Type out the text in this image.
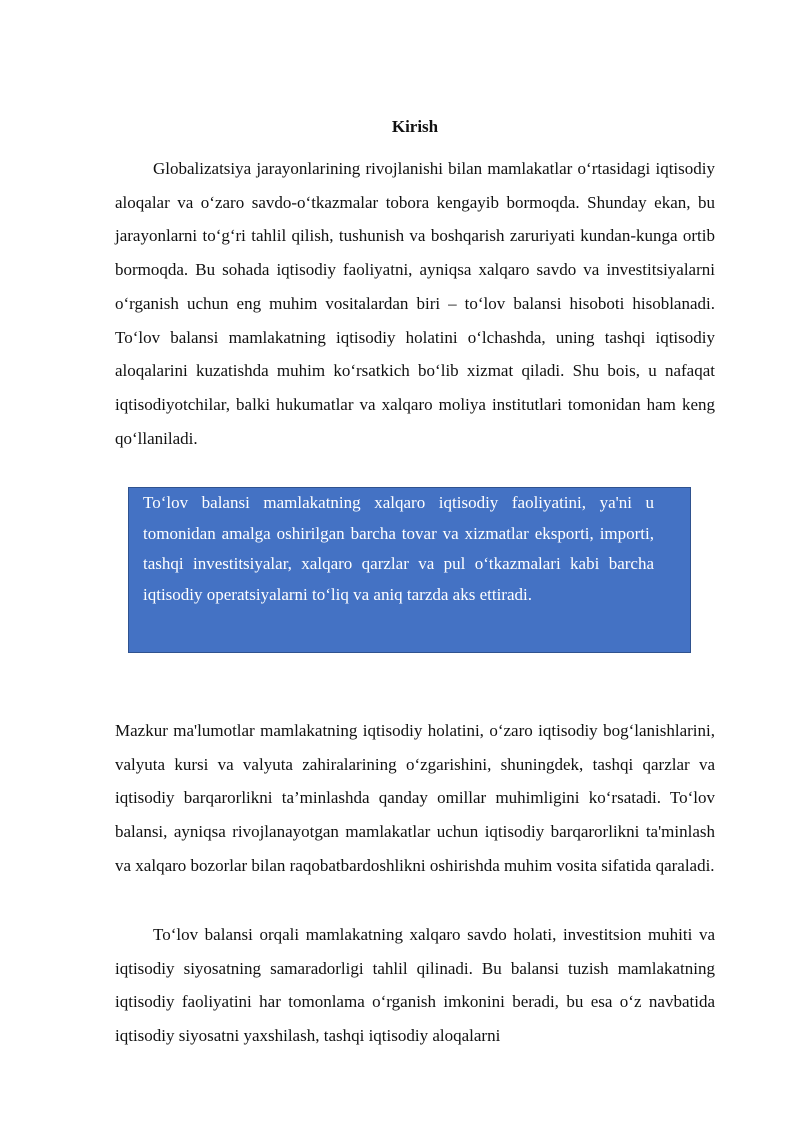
Kirish

Globalizatsiya jarayonlarining rivojlanishi bilan mamlakatlar o‘rtasidagi iqtisodiy aloqalar va o‘zaro savdo-o‘tkazmalar tobora kengayib bormoqda. Shunday ekan, bu jarayonlarni to‘g‘ri tahlil qilish, tushunish va boshqarish zaruriyati kundan-kunga ortib bormoqda. Bu sohada iqtisodiy faoliyatni, ayniqsa xalqaro savdo va investitsiyalarni o‘rganish uchun eng muhim vositalardan biri – to‘lov balansi hisoboti hisoblanadi. To‘lov balansi mamlakatning iqtisodiy holatini o‘lchashda, uning tashqi iqtisodiy aloqalarini kuzatishda muhim ko‘rsatkich bo‘lib xizmat qiladi. Shu bois, u nafaqat iqtisodiyotchilar, balki hukumatlar va xalqaro moliya institutlari tomonidan ham keng qo‘llaniladi.

To‘lov balansi mamlakatning xalqaro iqtisodiy faoliyatini, ya'ni u tomonidan amalga oshirilgan barcha tovar va xizmatlar eksporti, importi, tashqi investitsiyalar, xalqaro qarzlar va pul o‘tkazmalari kabi barcha iqtisodiy operatsiyalarni to‘liq va aniq tarzda aks ettiradi.

Mazkur ma'lumotlar mamlakatning iqtisodiy holatini, o‘zaro iqtisodiy bog‘lanishlarini, valyuta kursi va valyuta zahiralarining o‘zgarishini, shuningdek, tashqi qarzlar va iqtisodiy barqarorlikni ta’minlashda qanday omillar muhimligini ko‘rsatadi. To‘lov balansi, ayniqsa rivojlanayotgan mamlakatlar uchun iqtisodiy barqarorlikni ta'minlash va xalqaro bozorlar bilan raqobatbardoshlikni oshirishda muhim vosita sifatida qaraladi.

To‘lov balansi orqali mamlakatning xalqaro savdo holati, investitsion muhiti va iqtisodiy siyosatning samaradorligi tahlil qilinadi. Bu balansi tuzish mamlakatning iqtisodiy faoliyatini har tomonlama o‘rganish imkonini beradi, bu esa o‘z navbatida iqtisodiy siyosatni yaxshilash, tashqi iqtisodiy aloqalarni
